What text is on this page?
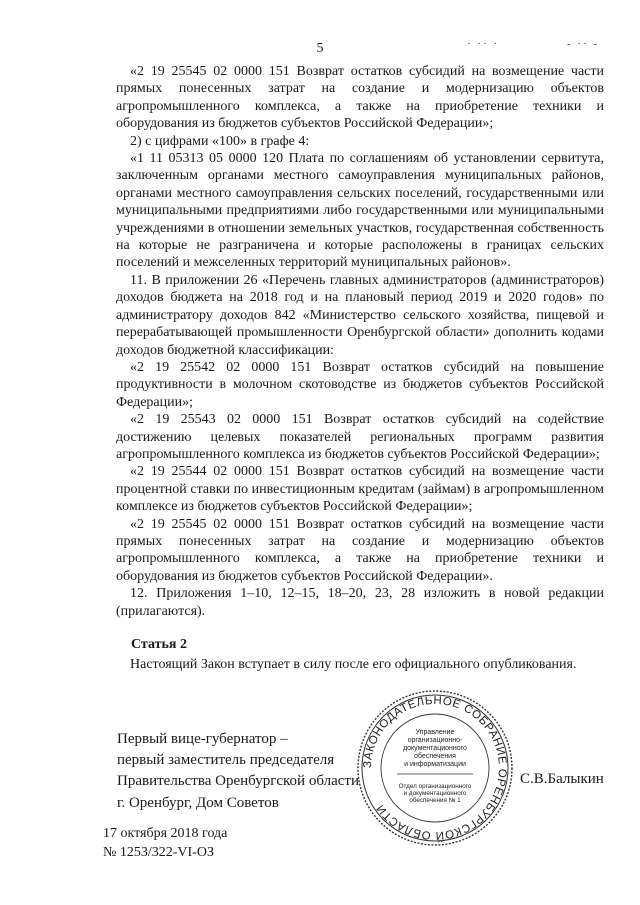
5	· ·· ·	- ·· -

«2 19 25545 02 0000 151 Возврат остатков субсидий на возмещение части прямых понесенных затрат на создание и модернизацию объектов агропромышленного комплекса, а также на приобретение техники и оборудования из бюджетов субъектов Российской Федерации»;

2) с цифрами «100» в графе 4:

«1 11 05313 05 0000 120 Плата по соглашениям об установлении сервитута, заключенным органами местного самоуправления муниципальных районов, органами местного самоуправления сельских поселений, государственными или муниципальными предприятиями либо государственными или муниципальными учреждениями в отношении земельных участков, государственная собственность на которые не разграничена и которые расположены в границах сельских поселений и межселенных территорий муниципальных районов».

11. В приложении 26 «Перечень главных администраторов (администраторов) доходов бюджета на 2018 год и на плановый период 2019 и 2020 годов» по администратору доходов 842 «Министерство сельского хозяйства, пищевой и перерабатывающей промышленности Оренбургской области» дополнить кодами доходов бюджетной классификации:

«2 19 25542 02 0000 151 Возврат остатков субсидий на повышение продуктивности в молочном скотоводстве из бюджетов субъектов Российской Федерации»;

«2 19 25543 02 0000 151 Возврат остатков субсидий на содействие достижению целевых показателей региональных программ развития агропромышленного комплекса из бюджетов субъектов Российской Федерации»;

«2 19 25544 02 0000 151 Возврат остатков субсидий на возмещение части процентной ставки по инвестиционным кредитам (займам) в агропромышленном комплексе из бюджетов субъектов Российской Федерации»;

«2 19 25545 02 0000 151 Возврат остатков субсидий на возмещение части прямых понесенных затрат на создание и модернизацию объектов агропромышленного комплекса, а также на приобретение техники и оборудования из бюджетов субъектов Российской Федерации».

12. Приложения 1–10, 12–15, 18–20, 23, 28 изложить в новой редакции (прилагаются).

Статья 2
Настоящий Закон вступает в силу после его официального опубликования.
Первый вице-губернатор –
первый заместитель председателя
Правительства Оренбургской области	С.В.Балыкин
ЗАКОНОДАТЕЛЬНОЕ СОБРАНИЕ ОРЕНБУРГСКОЙ ОБЛАСТИ
Управление
организационно-
документационного
обеспечения
и информатизации
Отдел организационного
и документационного
обеспечения № 1
г. Оренбург, Дом Советов
17 октября 2018 года
№ 1253/322-VI-ОЗ
